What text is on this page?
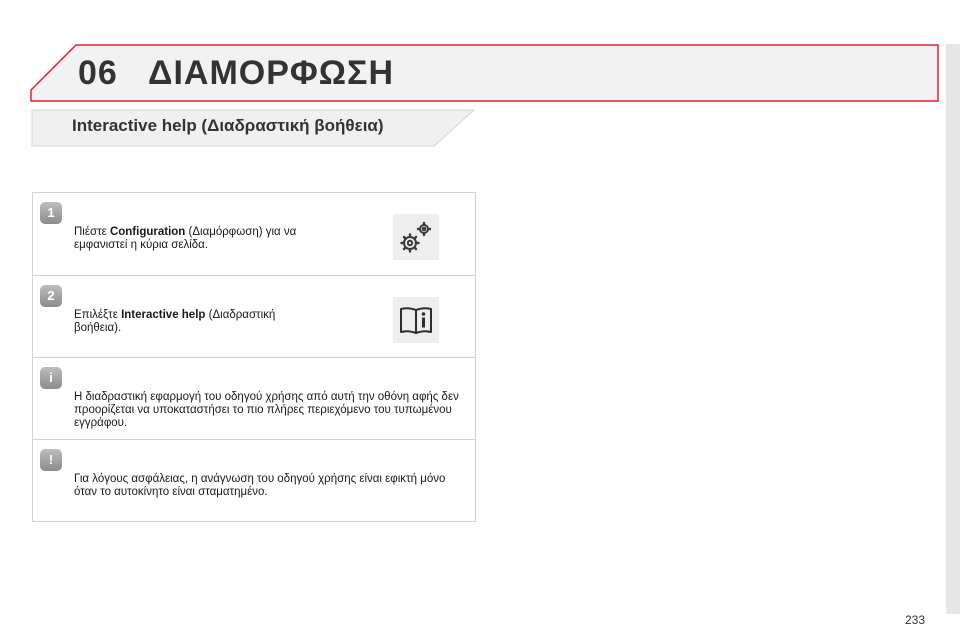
06 ΔΙΑΜΟΡΦΩΣΗ
Interactive help (Διαδραστική βοήθεια)
1
Πιέστε Configuration (Διαμόρφωση) για να εμφανιστεί η κύρια σελίδα.
2
Επιλέξτε Interactive help (Διαδραστική βοήθεια).
i
Η διαδραστική εφαρμογή του οδηγού χρήσης από αυτή την οθόνη αφής δεν προορίζεται να υποκαταστήσει το πιο πλήρες περιεχόμενο του τυπωμένου εγγράφου.
!
Για λόγους ασφάλειας, η ανάγνωση του οδηγού χρήσης είναι εφικτή μόνο όταν το αυτοκίνητο είναι σταματημένο.
233
